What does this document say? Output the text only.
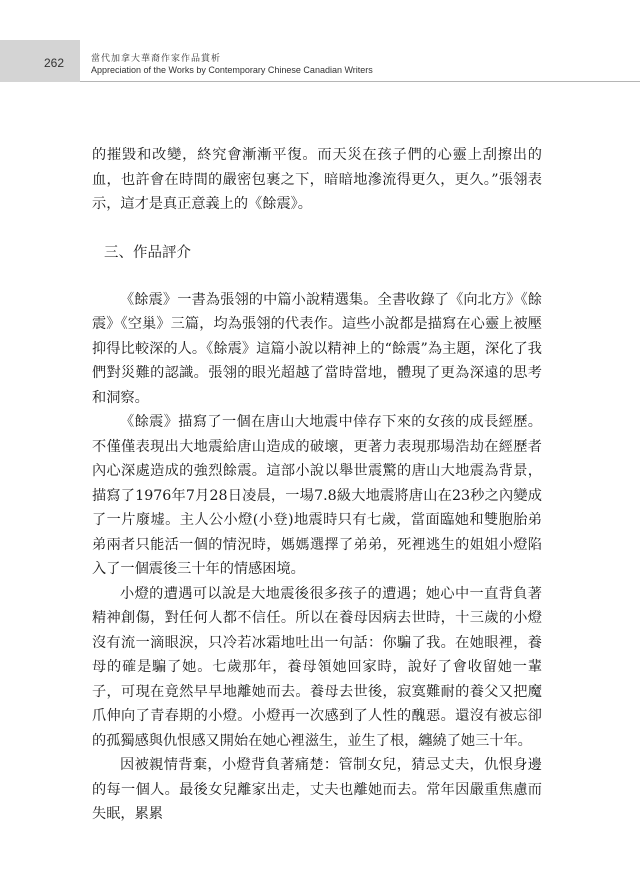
262	當代加拿大華裔作家作品賞析
Appreciation of the Works by Contemporary Chinese Canadian Writers

的摧毀和改變，終究會漸漸平復。而天災在孩子們的心靈上刮擦出的血，也許會在時間的嚴密包裹之下，暗暗地滲流得更久，更久。”張翎表示，這才是真正意義上的《餘震》。

三、作品評介

《餘震》一書為張翎的中篇小說精選集。全書收錄了《向北方》《餘震》《空巢》三篇，均為張翎的代表作。這些小說都是描寫在心靈上被壓抑得比較深的人。《餘震》這篇小說以精神上的“餘震”為主題，深化了我們對災難的認識。張翎的眼光超越了當時當地，體現了更為深遠的思考和洞察。

《餘震》描寫了一個在唐山大地震中倖存下來的女孩的成長經歷。不僅僅表現出大地震給唐山造成的破壞，更著力表現那場浩劫在經歷者內心深處造成的強烈餘震。這部小說以舉世震驚的唐山大地震為背景，描寫了1976年7月28日凌晨，一場7.8級大地震將唐山在23秒之內變成了一片廢墟。主人公小燈(小登)地震時只有七歲，當面臨她和雙胞胎弟弟兩者只能活一個的情況時，媽媽選擇了弟弟，死裡逃生的姐姐小燈陷入了一個震後三十年的情感困境。

小燈的遭遇可以說是大地震後很多孩子的遭遇；她心中一直背負著精神創傷，對任何人都不信任。所以在養母因病去世時，十三歲的小燈沒有流一滴眼淚，只冷若冰霜地吐出一句話：你騙了我。在她眼裡，養母的確是騙了她。七歲那年，養母領她回家時，說好了會收留她一輩子，可現在竟然早早地離她而去。養母去世後，寂寞難耐的養父又把魔爪伸向了青春期的小燈。小燈再一次感到了人性的醜惡。還沒有被忘卻的孤獨感與仇恨感又開始在她心裡滋生，並生了根，纏繞了她三十年。

因被親情背棄，小燈背負著痛楚：管制女兒，猜忌丈夫，仇恨身邊的每一個人。最後女兒離家出走，丈夫也離她而去。常年因嚴重焦慮而失眠，累累
